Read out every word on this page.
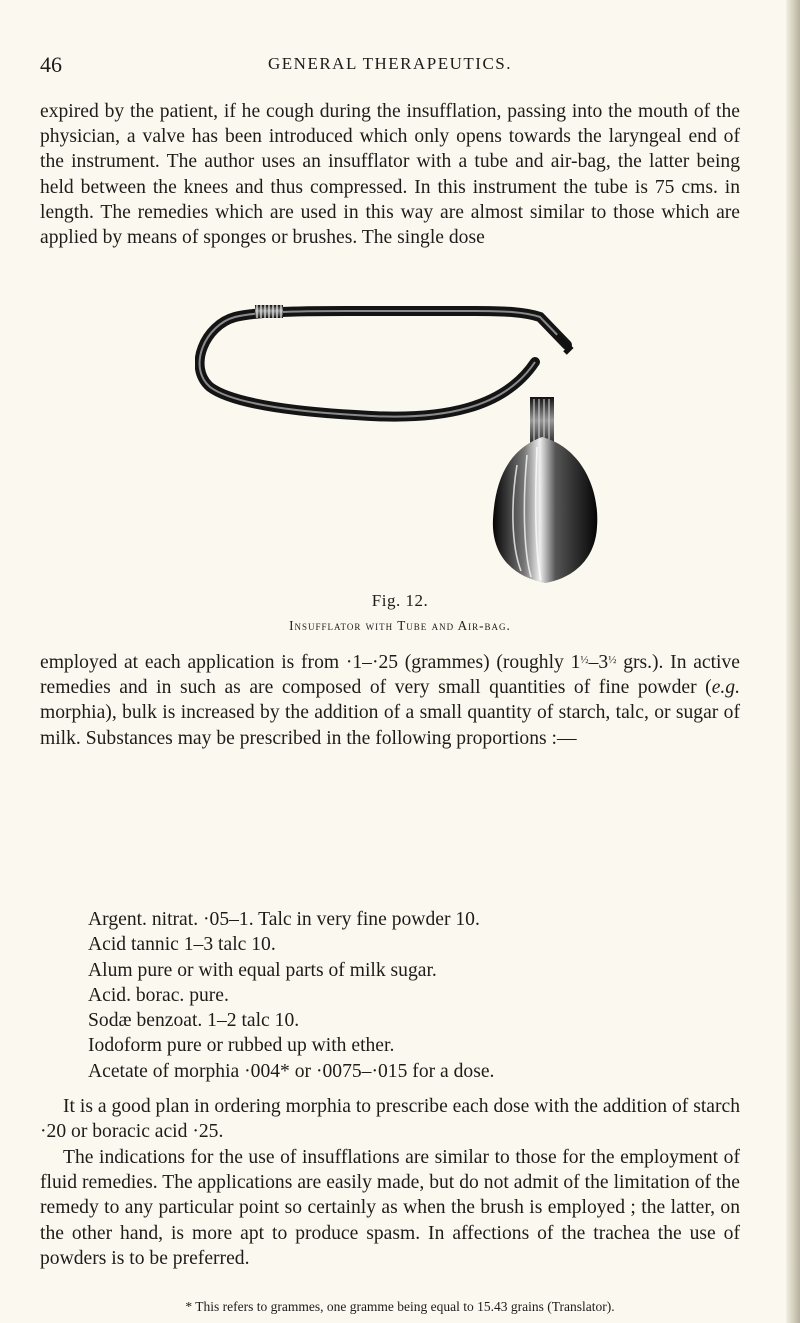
46	GENERAL THERAPEUTICS.

expired by the patient, if he cough during the insufflation, passing into the mouth of the physician, a valve has been introduced which only opens towards the laryngeal end of the instrument. The author uses an insufflator with a tube and air-bag, the latter being held between the knees and thus compressed. In this instrument the tube is 75 cms. in length. The remedies which are used in this way are almost similar to those which are applied by means of sponges or brushes. The single dose

Fig. 12.

Insufflator with Tube and Air-bag.

employed at each application is from ·1–·25 (grammes) (roughly 1½–3½ grs.). In active remedies and in such as are composed of very small quantities of fine powder (e.g. morphia), bulk is increased by the addition of a small quantity of starch, talc, or sugar of milk. Substances may be prescribed in the following proportions :—

Argent. nitrat. ·05–1. Talc in very fine powder 10.
Acid tannic 1–3 talc 10.
Alum pure or with equal parts of milk sugar.
Acid. borac. pure.
Sodæ benzoat. 1–2 talc 10.
Iodoform pure or rubbed up with ether.
Acetate of morphia ·004* or ·0075–·015 for a dose.

It is a good plan in ordering morphia to prescribe each dose with the addition of starch ·20 or boracic acid ·25.

The indications for the use of insufflations are similar to those for the employment of fluid remedies. The applications are easily made, but do not admit of the limitation of the remedy to any particular point so certainly as when the brush is employed ; the latter, on the other hand, is more apt to produce spasm. In affections of the trachea the use of powders is to be preferred.

* This refers to grammes, one gramme being equal to 15.43 grains (Translator).
